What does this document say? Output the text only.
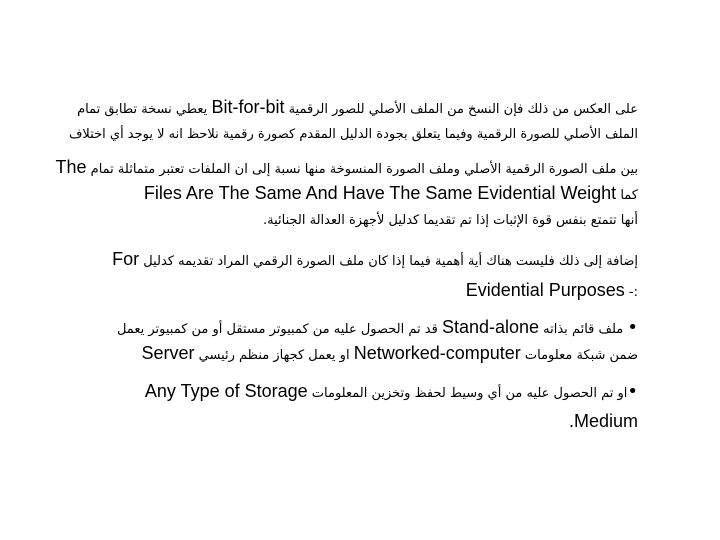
على العكس من ذلك فإن النسخ من الملف الأصلي للصور الرقمية Bit-for-bit يعطي نسخة تطابق تمام
الملف الأصلي للصورة الرقمية وفيما يتعلق بجودة الدليل المقدم كصورة رقمية نلاحظ انه لا يوجد أي اختلاف
بين ملف الصورة الرقمية الأصلي وملف الصورة المنسوخة منها نسبة إلى ان الملفات تعتبر متماثلة تمام The
Files Are The Same And Have The Same Evidential Weight كما
أنها تتمتع بنفس قوة الإثبات إذا تم تقديما كدليل لأجهزة العدالة الجنائية.
إضافة إلى ذلك فليست هناك أية أهمية فيما إذا كان ملف الصورة الرقمي المراد تقديمه كدليل For
Evidential Purposes -:
• ملف قائم بذاته Stand-alone قد تم الحصول عليه من كمبيوتر مستقل أو من كمبيوتر يعمل
ضمن شبكة معلومات Networked-computer او يعمل كجهاز منظم رئيسي Server
•او تم الحصول عليه من أي وسيط لحفظ وتخزين المعلومات Any Type of Storage
.Medium
